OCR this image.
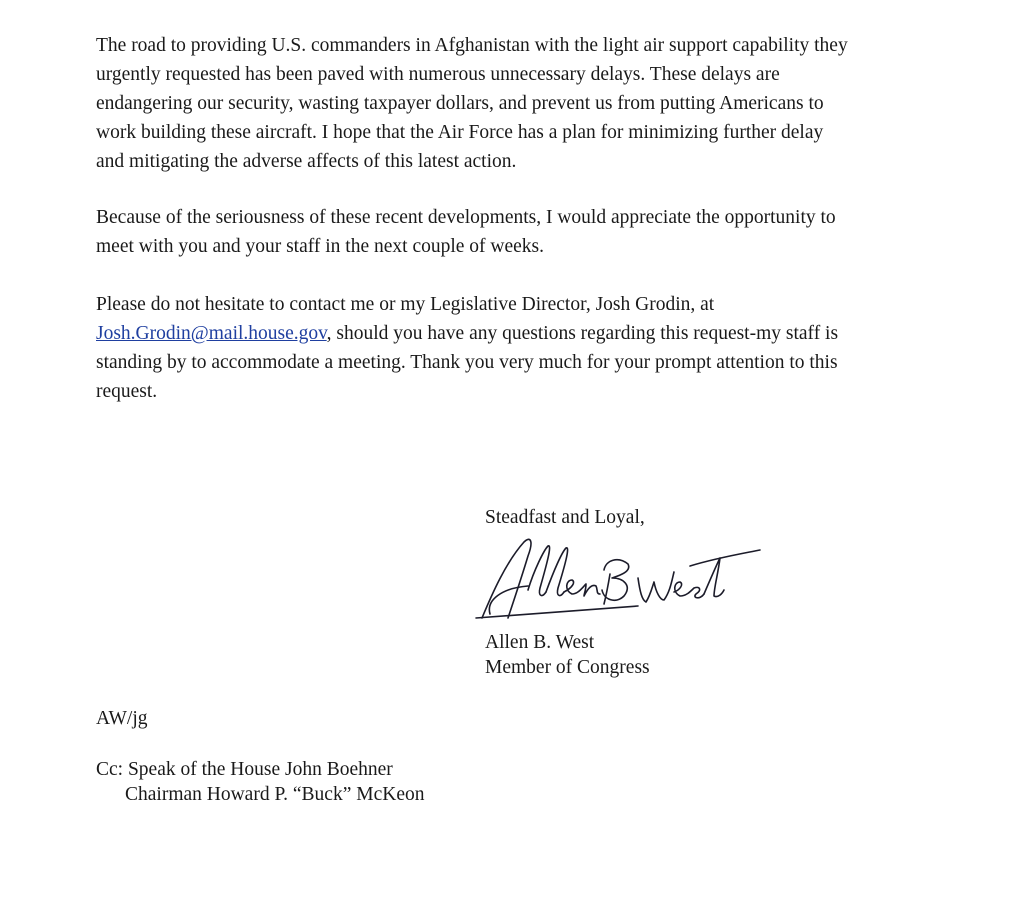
The road to providing U.S. commanders in Afghanistan with the light air support capability they
urgently requested has been paved with numerous unnecessary delays. These delays are
endangering our security, wasting taxpayer dollars, and prevent us from putting Americans to
work building these aircraft. I hope that the Air Force has a plan for minimizing further delay
and mitigating the adverse affects of this latest action.

Because of the seriousness of these recent developments, I would appreciate the opportunity to
meet with you and your staff in the next couple of weeks.

Please do not hesitate to contact me or my Legislative Director, Josh Grodin, at
Josh.Grodin@mail.house.gov, should you have any questions regarding this request-my staff is
standing by to accommodate a meeting. Thank you very much for your prompt attention to this
request.

Steadfast and Loyal,
Allen B. West
Member of Congress
AW/jg
Cc: Speak of the House John Boehner
Chairman Howard P. “Buck” McKeon
